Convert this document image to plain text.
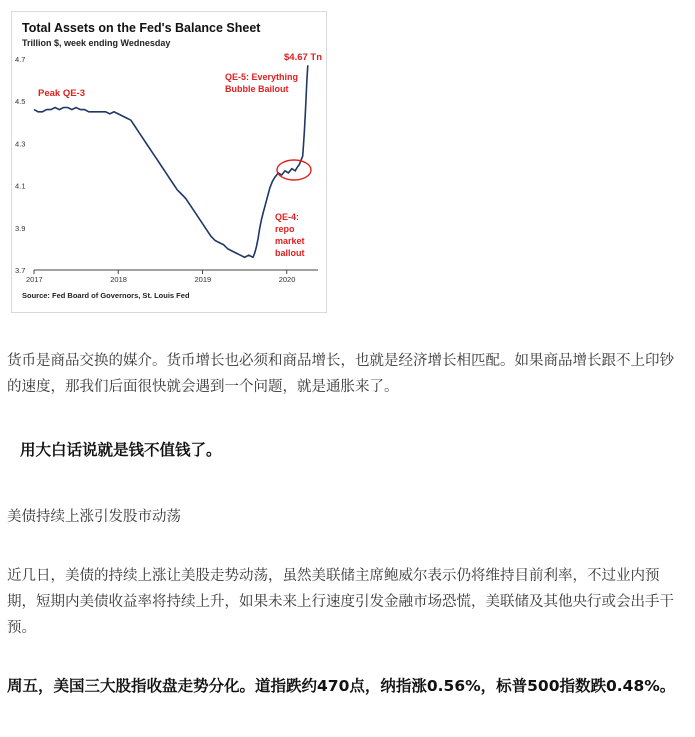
Total Assets on the Fed's Balance Sheet
Trillion $, week ending Wednesday
4.7
4.5
4.3
4.1
3.9
3.7
2017	2018	2019	2020
Peak QE-3
QE-5: Everything
Bubble Bailout
$4.67 Tn
QE-4:
repo
market
ballout
Source: Fed Board of Governors, St. Louis Fed

货币是商品交换的媒介。货币增长也必须和商品增长，也就是经济增长相匹配。如果商品增长跟不上印钞的速度，那我们后面很快就会遇到一个问题，就是通胀来了。

用大白话说就是钱不值钱了。

美债持续上涨引发股市动荡

近几日，美债的持续上涨让美股走势动荡，虽然美联储主席鲍威尔表示仍将维持目前利率，不过业内预期，短期内美债收益率将持续上升，如果未来上行速度引发金融市场恐慌，美联储及其他央行或会出手干预。

周五，美国三大股指收盘走势分化。道指跌约470点，纳指涨0.56%，标普500指数跌0.48%。
